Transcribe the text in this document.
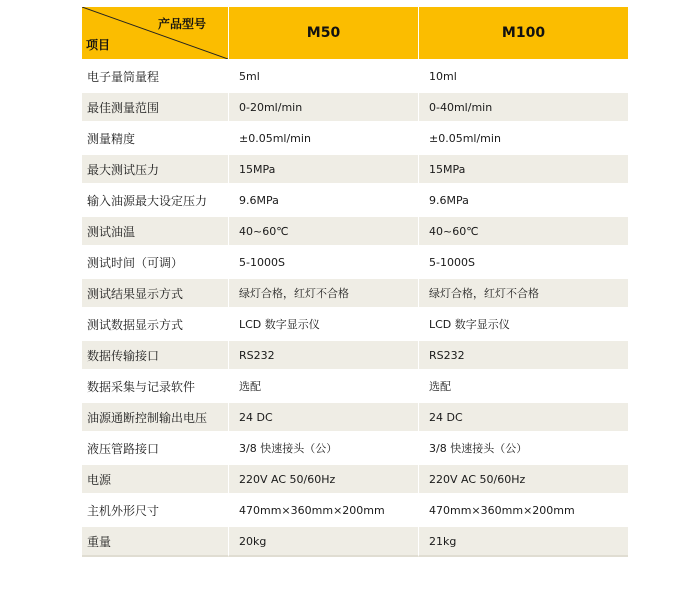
产品型号
项目	M50	M100
电子量筒量程	5ml	10ml
最佳测量范围	0-20ml/min	0-40ml/min
测量精度	±0.05ml/min	±0.05ml/min
最大测试压力	15MPa	15MPa
输入油源最大设定压力	9.6MPa	9.6MPa
测试油温	40~60℃	40~60℃
测试时间（可调）	5-1000S	5-1000S
测试结果显示方式	绿灯合格，红灯不合格	绿灯合格，红灯不合格
测试数据显示方式	LCD 数字显示仪	LCD 数字显示仪
数据传输接口	RS232	RS232
数据采集与记录软件	选配	选配
油源通断控制输出电压	24 DC	24 DC
液压管路接口	3/8 快速接头（公）	3/8 快速接头（公）
电源	220V AC 50/60Hz	220V AC 50/60Hz
主机外形尺寸	470mm×360mm×200mm	470mm×360mm×200mm
重量	20kg	21kg
